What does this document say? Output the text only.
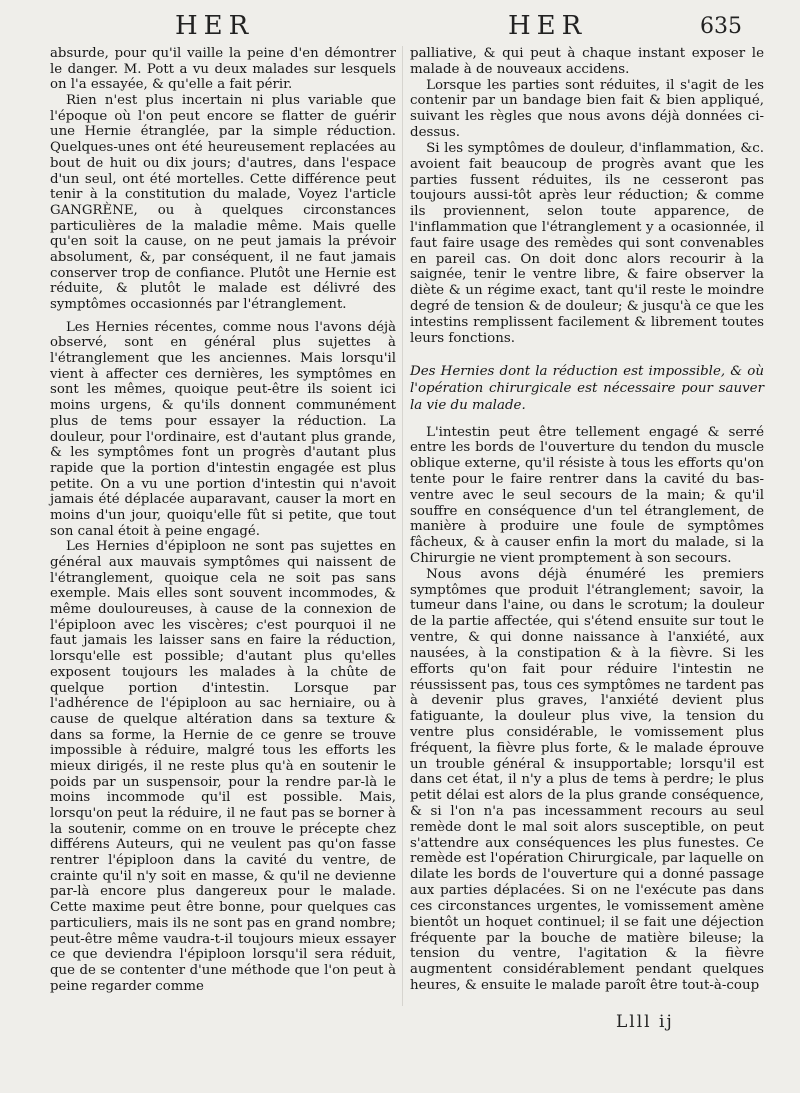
HER	HER	635

absurde, pour qu'il vaille la peine d'en démontrer le danger. M. Pott a vu deux malades sur lesquels on l'a essayée, & qu'elle a fait périr.

Rien n'est plus incertain ni plus variable que l'époque où l'on peut encore se flatter de guérir une Hernie étranglée, par la simple réduction. Quelques-unes ont été heureusement replacées au bout de huit ou dix jours; d'autres, dans l'espace d'un seul, ont été mortelles. Cette différence peut tenir à la constitution du malade, Voyez l'article GANGRÈNE, ou à quelques circonstances particulières de la maladie même. Mais quelle qu'en soit la cause, on ne peut jamais la prévoir absolument, &, par conséquent, il ne faut jamais conserver trop de confiance. Plutôt une Hernie est réduite, & plutôt le malade est délivré des symptômes occasionnés par l'étranglement.

Les Hernies récentes, comme nous l'avons déjà observé, sont en général plus sujettes à l'étranglement que les anciennes. Mais lorsqu'il vient à affecter ces dernières, les symptômes en sont les mêmes, quoique peut-être ils soient ici moins urgens, & qu'ils donnent communément plus de tems pour essayer la réduction. La douleur, pour l'ordinaire, est d'autant plus grande, & les symptômes font un progrès d'autant plus rapide que la portion d'intestin engagée est plus petite. On a vu une portion d'intestin qui n'avoit jamais été déplacée auparavant, causer la mort en moins d'un jour, quoiqu'elle fût si petite, que tout son canal étoit à peine engagé.

Les Hernies d'épiploon ne sont pas sujettes en général aux mauvais symptômes qui naissent de l'étranglement, quoique cela ne soit pas sans exemple. Mais elles sont souvent incommodes, & même douloureuses, à cause de la connexion de l'épiploon avec les viscères; c'est pourquoi il ne faut jamais les laisser sans en faire la réduction, lorsqu'elle est possible; d'autant plus qu'elles exposent toujours les malades à la chûte de quelque portion d'intestin. Lorsque par l'adhérence de l'épiploon au sac herniaire, ou à cause de quelque altération dans sa texture & dans sa forme, la Hernie de ce genre se trouve impossible à réduire, malgré tous les efforts les mieux dirigés, il ne reste plus qu'à en soutenir le poids par un suspensoir, pour la rendre par-là le moins incommode qu'il est possible. Mais, lorsqu'on peut la réduire, il ne faut pas se borner à la soutenir, comme on en trouve le précepte chez différens Auteurs, qui ne veulent pas qu'on fasse rentrer l'épiploon dans la cavité du ventre, de crainte qu'il n'y soit en masse, & qu'il ne devienne par-là encore plus dangereux pour le malade. Cette maxime peut être bonne, pour quelques cas particuliers, mais ils ne sont pas en grand nombre; peut-être même vaudra-t-il toujours mieux essayer ce que deviendra l'épiploon lorsqu'il sera réduit, que de se contenter d'une méthode que l'on peut à peine regarder comme

palliative, & qui peut à chaque instant exposer le malade à de nouveaux accidens.

Lorsque les parties sont réduites, il s'agit de les contenir par un bandage bien fait & bien appliqué, suivant les règles que nous avons déjà données ci-dessus.

Si les symptômes de douleur, d'inflammation, &c. avoient fait beaucoup de progrès avant que les parties fussent réduites, ils ne cesseront pas toujours aussi-tôt après leur réduction; & comme ils proviennent, selon toute apparence, de l'inflammation que l'étranglement y a ocasionnée, il faut faire usage des remèdes qui sont convenables en pareil cas. On doit donc alors recourir à la saignée, tenir le ventre libre, & faire observer la diète & un régime exact, tant qu'il reste le moindre degré de tension & de douleur; & jusqu'à ce que les intestins remplissent facilement & librement toutes leurs fonctions.

Des Hernies dont la réduction est impossible, & où l'opération chirurgicale est nécessaire pour sauver la vie du malade.

L'intestin peut être tellement engagé & serré entre les bords de l'ouverture du tendon du muscle oblique externe, qu'il résiste à tous les efforts qu'on tente pour le faire rentrer dans la cavité du bas-ventre avec le seul secours de la main; & qu'il souffre en conséquence d'un tel étranglement, de manière à produire une foule de symptômes fâcheux, & à causer enfin la mort du malade, si la Chirurgie ne vient promptement à son secours.

Nous avons déjà énuméré les premiers symptômes que produit l'étranglement; savoir, la tumeur dans l'aine, ou dans le scrotum; la douleur de la partie affectée, qui s'étend ensuite sur tout le ventre, & qui donne naissance à l'anxiété, aux nausées, à la constipation & à la fièvre. Si les efforts qu'on fait pour réduire l'intestin ne réussissent pas, tous ces symptômes ne tardent pas à devenir plus graves, l'anxiété devient plus fatiguante, la douleur plus vive, la tension du ventre plus considérable, le vomissement plus fréquent, la fièvre plus forte, & le malade éprouve un trouble général & insupportable; lorsqu'il est dans cet état, il n'y a plus de tems à perdre; le plus petit délai est alors de la plus grande conséquence, & si l'on n'a pas incessamment recours au seul remède dont le mal soit alors susceptible, on peut s'attendre aux conséquences les plus funestes. Ce remède est l'opération Chirurgicale, par laquelle on dilate les bords de l'ouverture qui a donné passage aux parties déplacées. Si on ne l'exécute pas dans ces circonstances urgentes, le vomissement amène bientôt un hoquet continuel; il se fait une déjection fréquente par la bouche de matière bileuse; la tension du ventre, l'agitation & la fièvre augmentent considérablement pendant quelques heures, & ensuite le malade paroît être tout-à-coup

Llll ij
